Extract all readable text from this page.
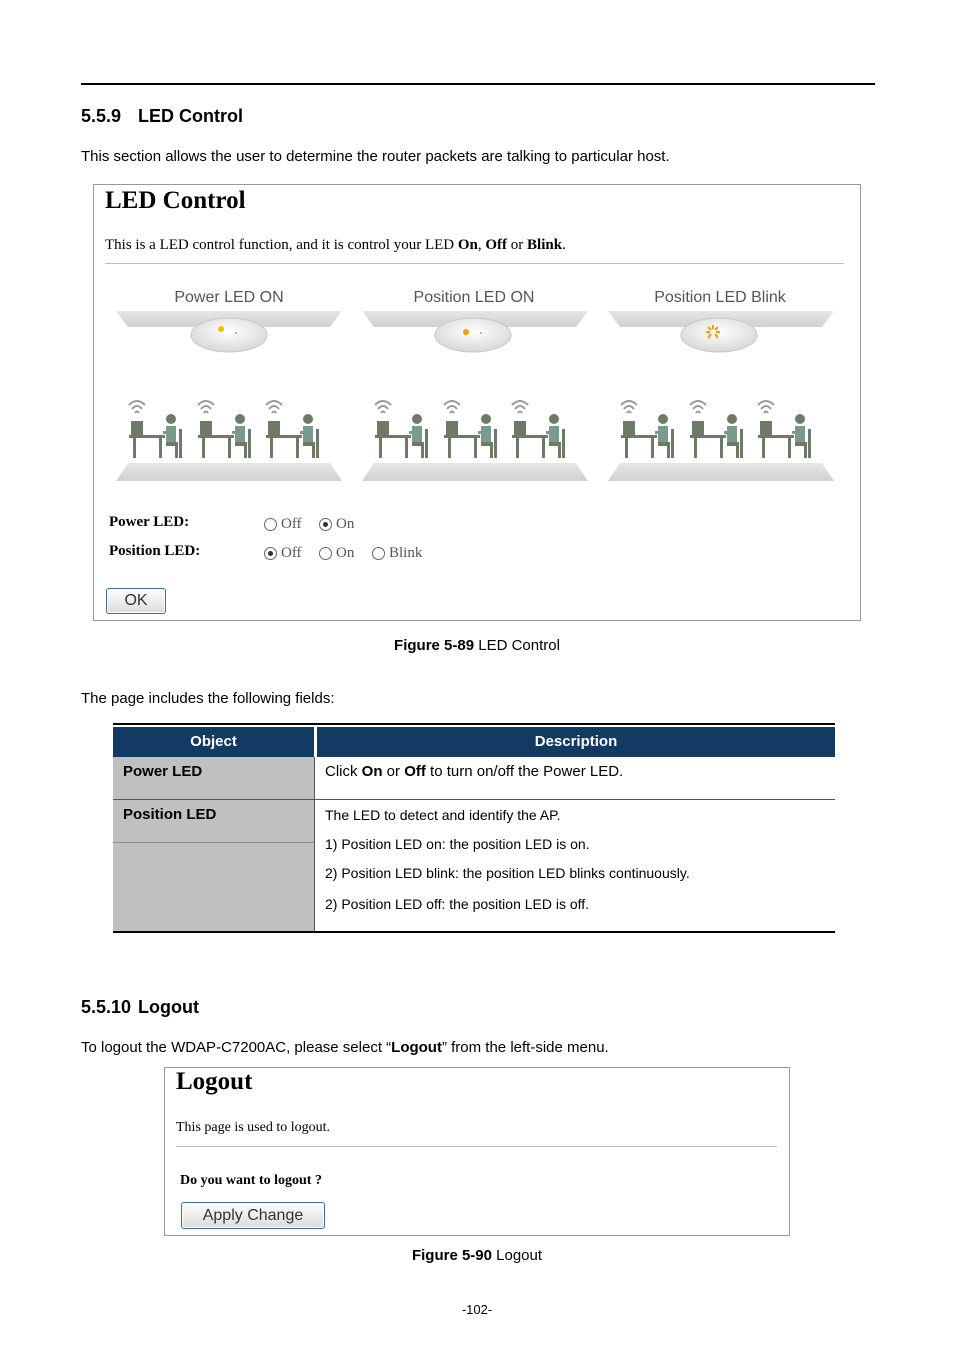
5.5.9 LED Control

This section allows the user to determine the router packets are talking to particular host.

LED Control
This is a LED control function, and it is control your LED On, Off or Blink.
Power LED ON	Position LED ON	Position LED Blink
Power LED:	Off On
Position LED:	Off On Blink
OK
Figure 5-89 LED Control

The page includes the following fields:

Object	Description
Power LED	Click On or Off to turn on/off the Power LED.
Position LED	The LED to detect and identify the AP.
1) Position LED on: the position LED is on.
2) Position LED blink: the position LED blinks continuously.
2) Position LED off: the position LED is off.
5.5.10 Logout

To logout the WDAP-C7200AC, please select “Logout” from the left-side menu.

Logout
This page is used to logout.
Do you want to logout ?
Apply Change
Figure 5-90 Logout
-102-
